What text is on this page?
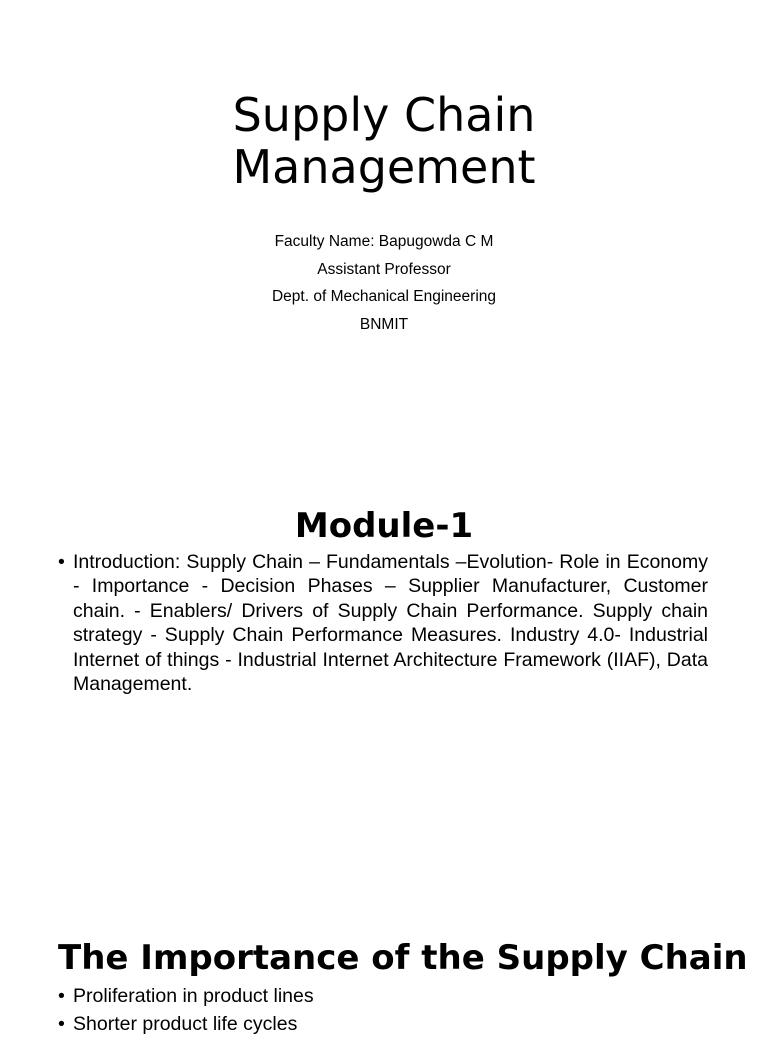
Supply Chain
Management
Faculty Name: Bapugowda C M
Assistant Professor
Dept. of Mechanical Engineering
BNMIT
Module-1
• Introduction: Supply Chain – Fundamentals –Evolution- Role in Economy - Importance - Decision Phases – Supplier Manufacturer, Customer chain. - Enablers/ Drivers of Supply Chain Performance. Supply chain strategy - Supply Chain Performance Measures. Industry 4.0- Industrial Internet of things - Industrial Internet Architecture Framework (IIAF), Data Management.
The Importance of the Supply Chain
• Proliferation in product lines
• Shorter product life cycles
